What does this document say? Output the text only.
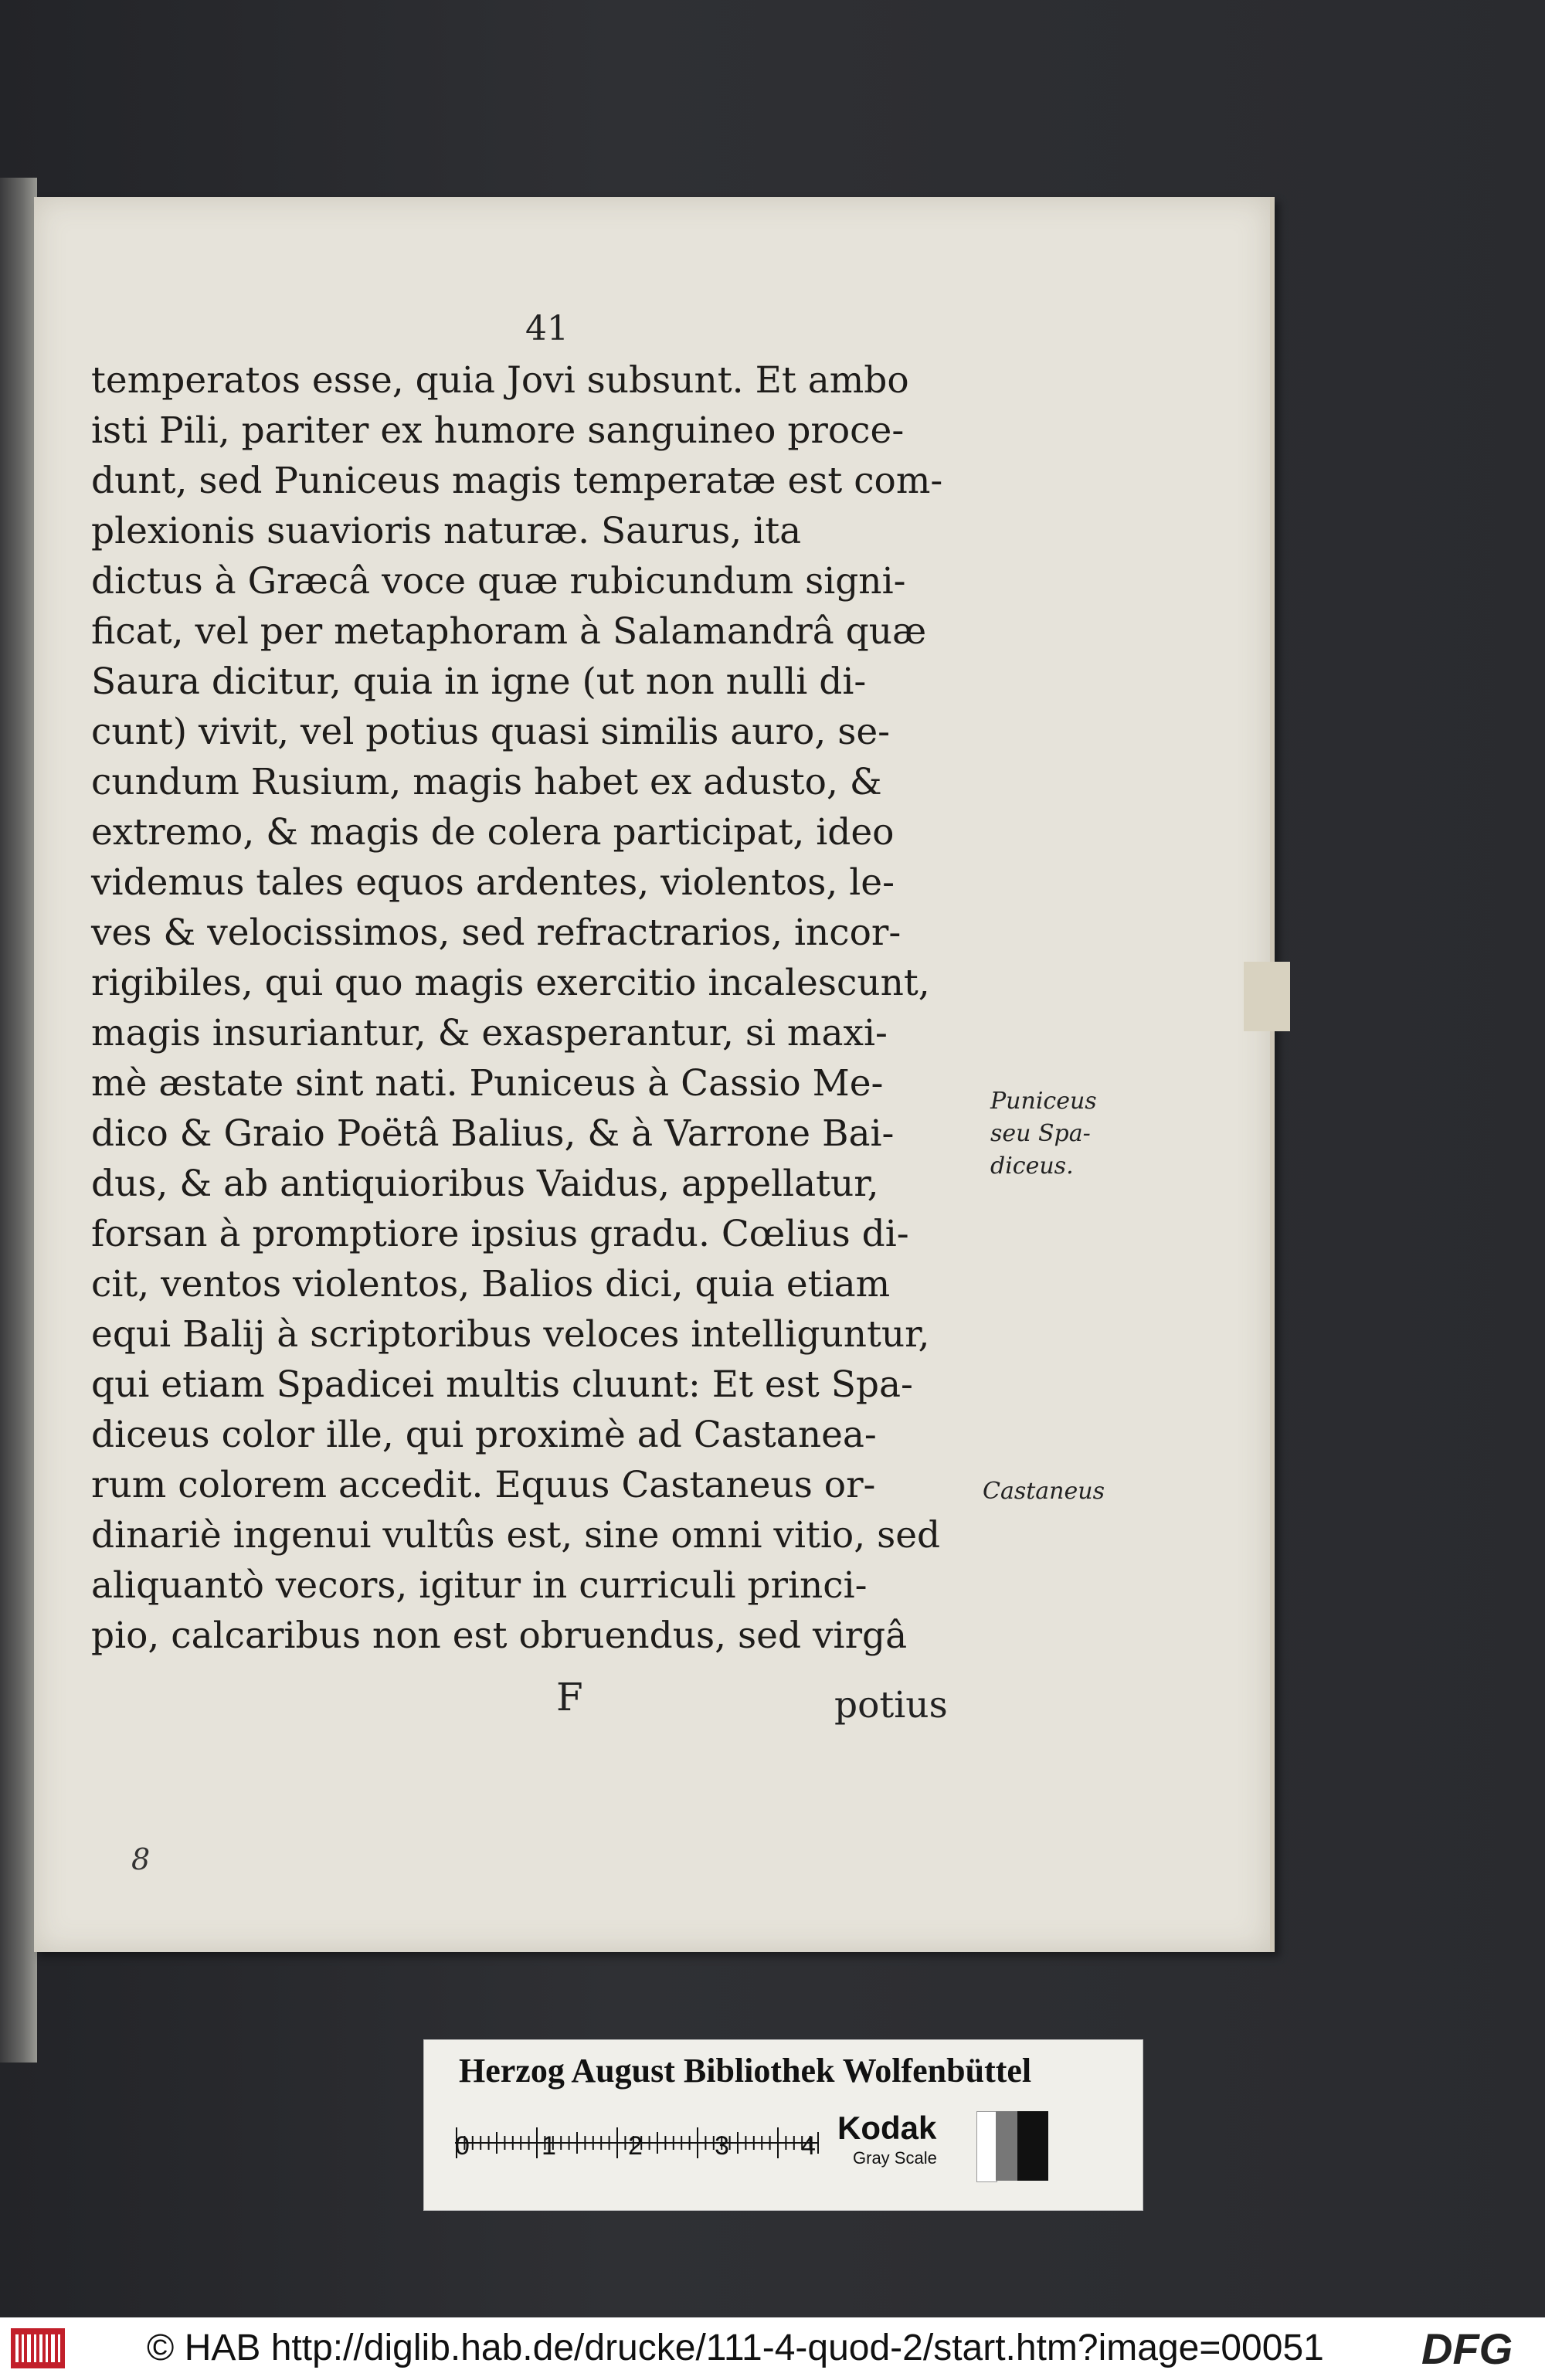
41
temperatos esse, quia Jovi subsunt. Et ambo
isti Pili, pariter ex humore sanguineo proce-
dunt, sed Puniceus magis temperatæ est com-
plexionis suavioris naturæ. Saurus, ita
dictus à Græcâ voce quæ rubicundum signi-
ficat, vel per metaphoram à Salamandrâ quæ
Saura dicitur, quia in igne (ut non nulli di-
cunt) vivit, vel potius quasi similis auro, se-
cundum Rusium, magis habet ex adusto, &
extremo, & magis de colera participat, ideo
videmus tales equos ardentes, violentos, le-
ves & velocissimos, sed refractrarios, incor-
rigibiles, qui quo magis exercitio incalescunt,
magis insuriantur, & exasperantur, si maxi-
mè æstate sint nati. Puniceus à Cassio Me-
dico & Graio Poëtâ Balius, & à Varrone Bai-
dus, & ab antiquioribus Vaidus, appellatur,
forsan à promptiore ipsius gradu. Cœlius di-
cit, ventos violentos, Balios dici, quia etiam
equi Balij à scriptoribus veloces intelliguntur,
qui etiam Spadicei multis cluunt: Et est Spa-
diceus color ille, qui proximè ad Castanea-
rum colorem accedit. Equus Castaneus or-
dinariè ingenui vultûs est, sine omni vitio, sed
aliquantò vecors, igitur in curriculi princi-
pio, calcaribus non est obruendus, sed virgâ
Puniceus
seu Spa-
diceus.
Castaneus
F	potius
8
Herzog August Bibliothek Wolfenbüttel
0	1	2	3	4 Kodak
Gray Scale
© HAB http://diglib.hab.de/drucke/111-4-quod-2/start.htm?image=00051 DFG
